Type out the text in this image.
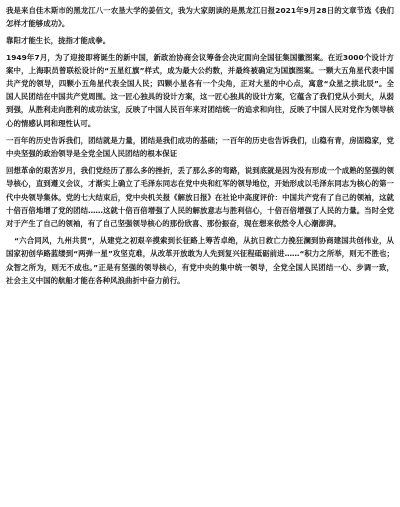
我是来自佳木斯市的黑龙江八一农垦大学的姜佰文，我为大家朗读的是黑龙江日报2021年9月28日的文章节选《我们怎样才能够成功》。

靠阳才能生长，拢指才能成拳。

1949年7月，为了迎接即将诞生的新中国，新政治协商会议筹备会决定面向全国征集国徽图案。在近3000个设计方案中，上海职员曾联松设计的“五星红旗”样式，成为最大公约数，并最终被确定为国旗图案。一颗大五角星代表中国共产党的领导，四颗小五角星代表全国人民；四颗小星各有一个尖角，正对大星的中心点，寓意“众星之拱北辰”。全国人民团结在中国共产党周围。这一匠心独具的设计方案，这一匠心独具的设计方案，它蕴含了我们党从小到大，从弱到强，从胜利走向胜利的成功法宝，反映了中国人民百年来对团结统一的追求和向往，反映了中国人民对党作为领导核心的情感认同和理性认可。

一百年的历史告诉我们，团结就是力量，团结是我们成功的基础；一百年的历史也告诉我们，山稳有青，房固稳家，党中央坚强的政治领导是全党全国人民团结的根本保证

回想革命的艰苦岁月，我们党经历了那么多的挫折，丢了那么多的弯路，说到底就是因为没有形成一个成熟的坚强的领导核心，直到遵义会议，才渐实上确立了毛泽东同志在党中央和红军的领导地位，开始形成以毛泽东同志为核心的第一代中央领导集体。党的七大结束后，党中央机关报《解放日报》在社论中高度评价：中国共产党有了自己的领袖，这就十倍百倍地增了党的团结……这就十倍百倍增强了人民的解放意志与胜利信心，十倍百倍增强了人民的力量。当时全党对于产生了自己的领袖，有了自己坚强领导核心的那份欣喜、那份振奋，现在想来依然令人心潮澎湃。

“六合同风，九州共贯”，从建党之初艰辛摸索到长征路上筹苦卓绝，从抗日救亡力挽狂澜到协商建国共创伟业，从国家初创华路蓝缕到“两弹一星”攻坚克难，从改革开放敢为人先到复兴征程砥砺前进……“积力之所举，则无不胜也；众智之所为，则无不成也。”正是有坚强的领导核心，有党中央的集中统一领导，全党全国人民团结一心、步调一致，社会主义中国的航船才能在各种风浪曲折中奋力前行。
